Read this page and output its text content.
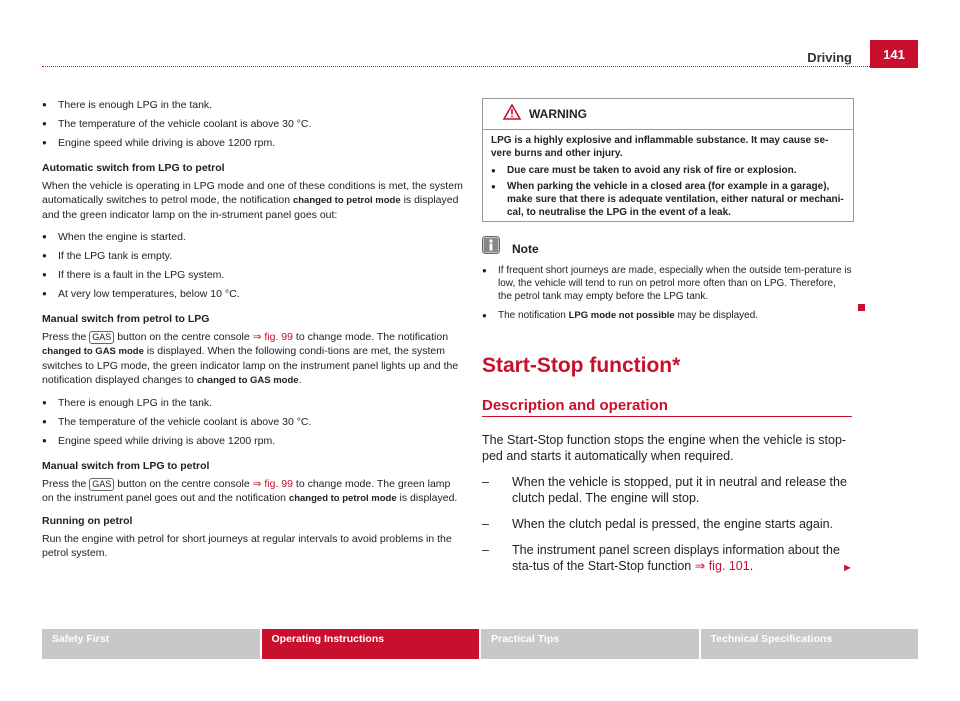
Driving	141
● There is enough LPG in the tank.
● The temperature of the vehicle coolant is above 30 °C.
● Engine speed while driving is above 1200 rpm.
Automatic switch from LPG to petrol

When the vehicle is operating in LPG mode and one of these conditions is met, the system automatically switches to petrol mode, the notification changed to petrol mode is displayed and the green indicator lamp on the in-strument panel goes out:

● When the engine is started.
● If the LPG tank is empty.
● If there is a fault in the LPG system.
● At very low temperatures, below 10 °C.
Manual switch from petrol to LPG

Press the GAS button on the centre console ⇒ fig. 99 to change mode. The notification changed to GAS mode is displayed. When the following condi-tions are met, the system switches to LPG mode, the green indicator lamp on the instrument panel lights up and the notification displayed changes to changed to GAS mode.

● There is enough LPG in the tank.
● The temperature of the vehicle coolant is above 30 °C.
● Engine speed while driving is above 1200 rpm.
Manual switch from LPG to petrol

Press the GAS button on the centre console ⇒ fig. 99 to change mode. The green lamp on the instrument panel goes out and the notification changed to petrol mode is displayed.

Running on petrol

Run the engine with petrol for short journeys at regular intervals to avoid problems in the petrol system.

WARNING

LPG is a highly explosive and inflammable substance. It may cause se-vere burns and other injury.

● Due care must be taken to avoid any risk of fire or explosion.
● When parking the vehicle in a closed area (for example in a garage), make sure that there is adequate ventilation, either natural or mechani-cal, to neutralise the LPG in the event of a leak.
Note
● If frequent short journeys are made, especially when the outside tem-perature is low, the vehicle will tend to run on petrol more often than on LPG. Therefore, the petrol tank may empty before the LPG tank.
● The notification LPG mode not possible may be displayed.
Start-Stop function*
Description and operation

The Start-Stop function stops the engine when the vehicle is stop-ped and starts it automatically when required.

– When the vehicle is stopped, put it in neutral and release the clutch pedal. The engine will stop.
– When the clutch pedal is pressed, the engine starts again.
– The instrument panel screen displays information about the sta-tus of the Start-Stop function ⇒ fig. 101.	►
Safety First	Operating Instructions	Practical Tips	Technical Specifications
